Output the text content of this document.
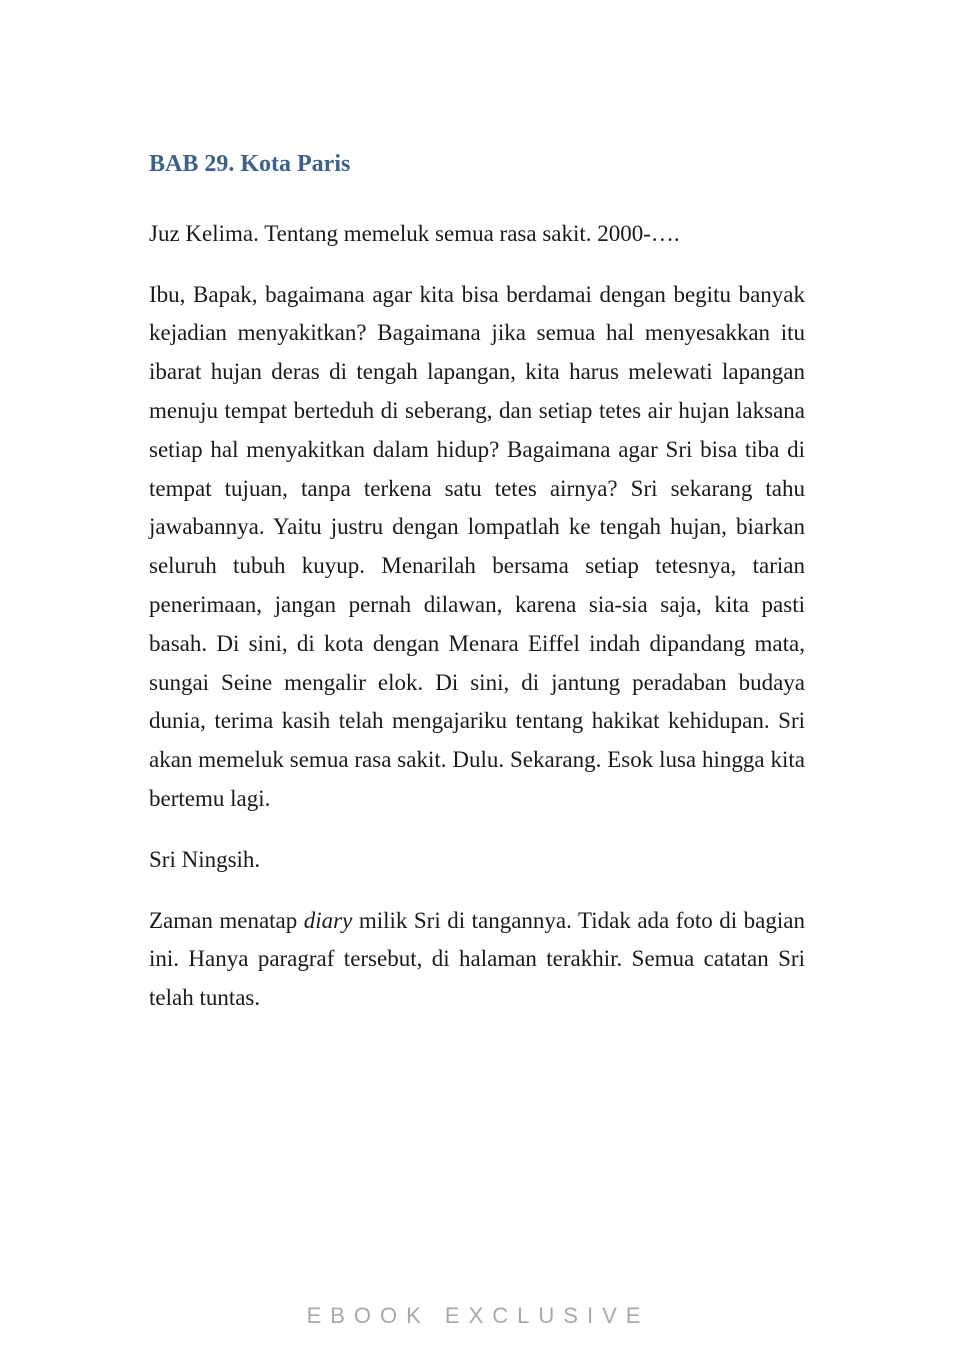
BAB 29. Kota Paris

Juz Kelima. Tentang memeluk semua rasa sakit. 2000-….

Ibu, Bapak, bagaimana agar kita bisa berdamai dengan begitu banyak kejadian menyakitkan? Bagaimana jika semua hal menyesakkan itu ibarat hujan deras di tengah lapangan, kita harus melewati lapangan menuju tempat berteduh di seberang, dan setiap tetes air hujan laksana setiap hal menyakitkan dalam hidup? Bagaimana agar Sri bisa tiba di tempat tujuan, tanpa terkena satu tetes airnya? Sri sekarang tahu jawabannya. Yaitu justru dengan lompatlah ke tengah hujan, biarkan seluruh tubuh kuyup. Menarilah bersama setiap tetesnya, tarian penerimaan, jangan pernah dilawan, karena sia-sia saja, kita pasti basah. Di sini, di kota dengan Menara Eiffel indah dipandang mata, sungai Seine mengalir elok. Di sini, di jantung peradaban budaya dunia, terima kasih telah mengajariku tentang hakikat kehidupan. Sri akan memeluk semua rasa sakit. Dulu. Sekarang. Esok lusa hingga kita bertemu lagi.

Sri Ningsih.

Zaman menatap diary milik Sri di tangannya. Tidak ada foto di bagian ini. Hanya paragraf tersebut, di halaman terakhir. Semua catatan Sri telah tuntas.

EBOOK EXCLUSIVE
